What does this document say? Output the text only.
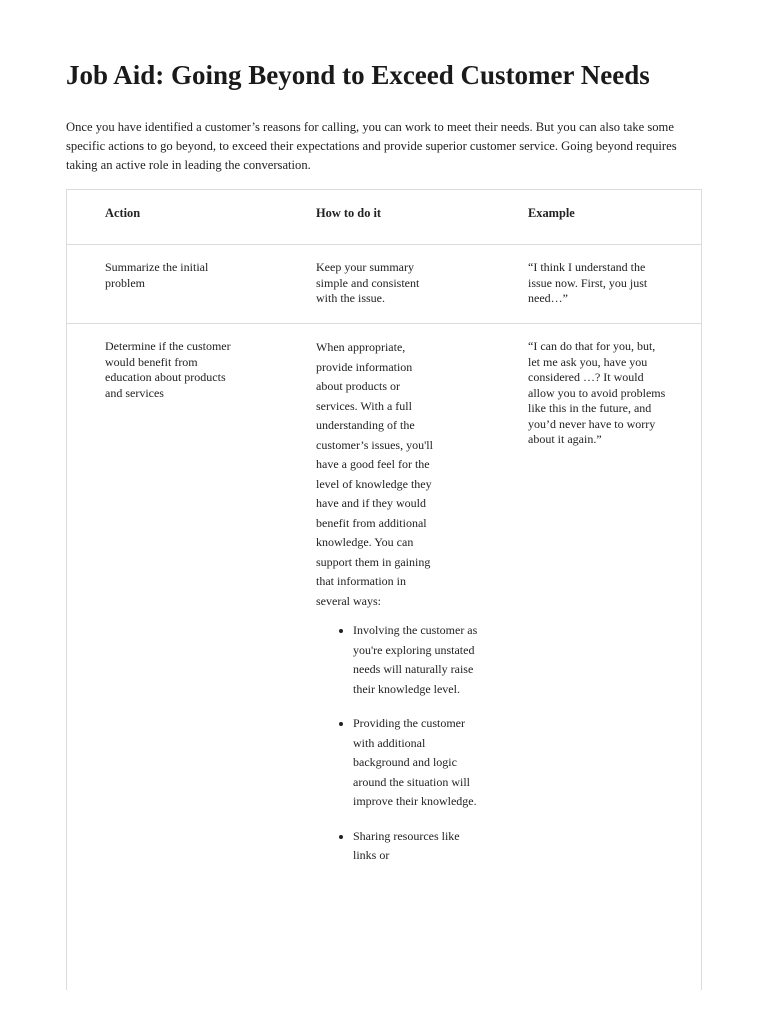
Job Aid: Going Beyond to Exceed Customer Needs

Once you have identified a customer’s reasons for calling, you can work to meet their needs. But you can also take some specific actions to go beyond, to exceed their expectations and provide superior customer service. Going beyond requires taking an active role in leading the conversation.

Action	How to do it	Example
Summarize the initial problem
Keep your summary simple and consistent with the issue.
“I think I understand the issue now. First, you just need…”
Determine if the customer would benefit from education about products and services
When appropriate, provide information about products or services. With a full understanding of the customer’s issues, you'll have a good feel for the level of knowledge they have and if they would benefit from additional knowledge. You can support them in gaining that information in several ways:
• Involving the customer as you're exploring unstated needs will naturally raise their knowledge level.
• Providing the customer with additional background and logic around the situation will improve their knowledge.
• Sharing resources like links or
“I can do that for you, but, let me ask you, have you considered …? It would allow you to avoid problems like this in the future, and you’d never have to worry about it again.”
